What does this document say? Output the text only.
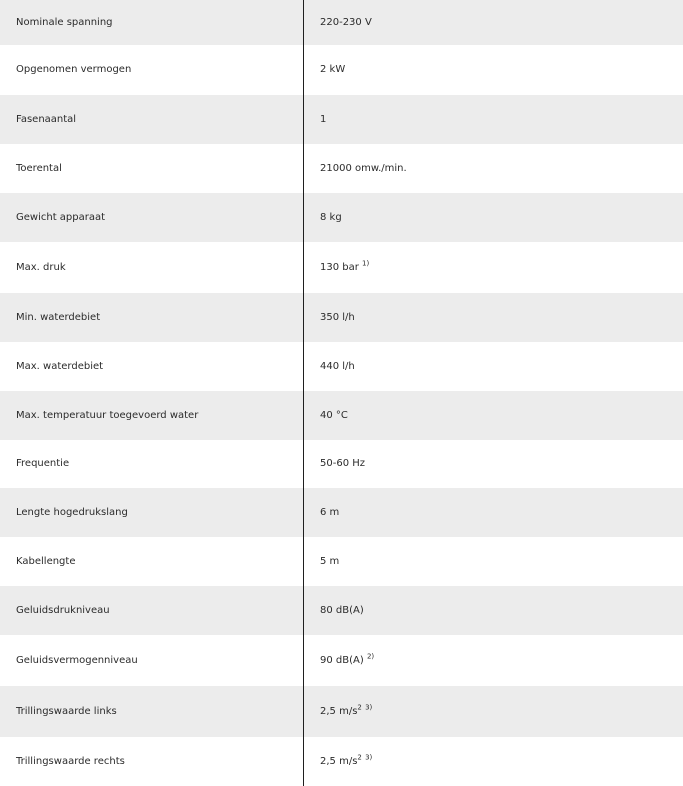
Nominale spanning	220-230 V
Opgenomen vermogen	2 kW
Fasenaantal	1
Toerental	21000 omw./min.
Gewicht apparaat	8 kg
Max. druk	130 bar $^{1)}$
Min. waterdebiet	350 l/h
Max. waterdebiet	440 l/h
Max. temperatuur toegevoerd water	40 °C
Frequentie	50-60 Hz
Lengte hogedrukslang	6 m
Kabellengte	5 m
Geluidsdrukniveau	80 dB(A)
Geluidsvermogenniveau	90 dB(A) $^{2)}$
Trillingswaarde links	2,5 $m/s^2$ $^{3)}$
Trillingswaarde rechts	2,5 $m/s^2$ $^{3)}$
